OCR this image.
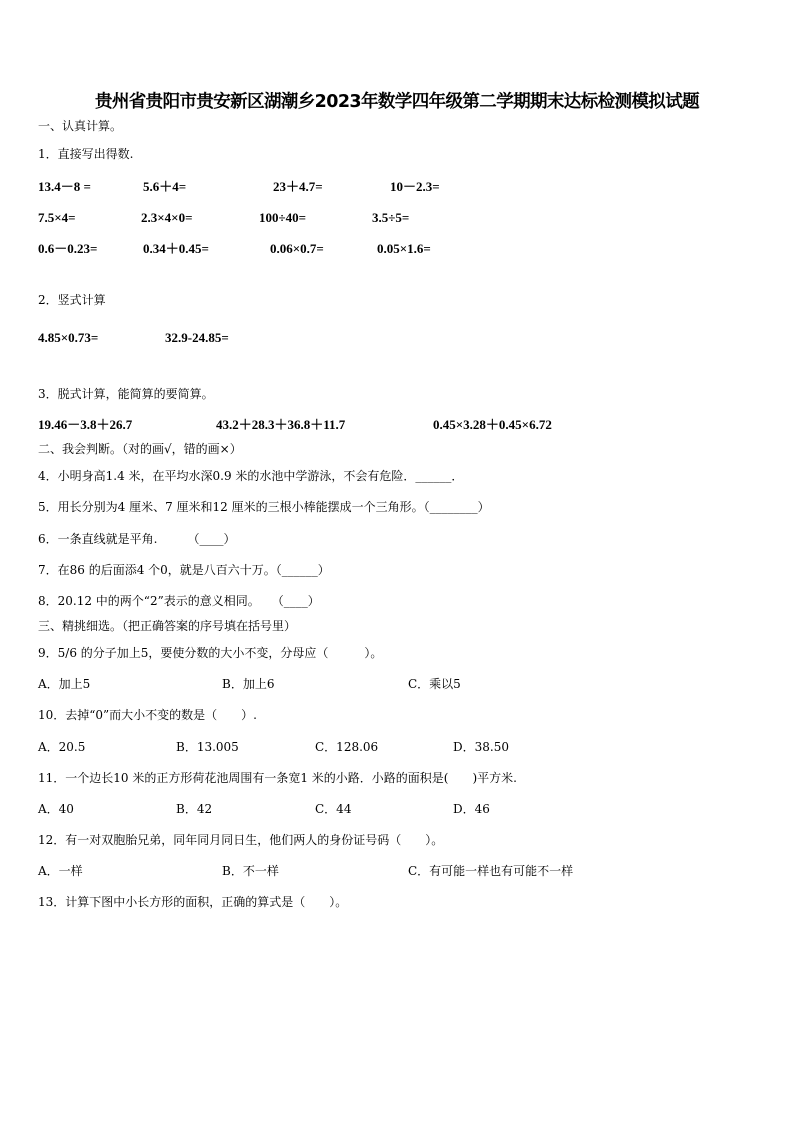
贵州省贵阳市贵安新区湖潮乡2023年数学四年级第二学期期末达标检测模拟试题
一、认真计算。
1．直接写出得数.
13.4－8 =	5.6＋4=	23＋4.7=	10－2.3=
7.5×4=	2.3×4×0=	100÷40=	3.5÷5=
0.6－0.23=	0.34＋0.45=	0.06×0.7=	0.05×1.6=
2．竖式计算
4.85×0.73=	32.9-24.85=
3．脱式计算，能简算的要简算。
19.46－3.8＋26.7	43.2＋28.3＋36.8＋11.7	0.45×3.28＋0.45×6.72
二、我会判断。（对的画√，错的画×）
4．小明身高1.4 米，在平均水深0.9 米的水池中学游泳，不会有危险．______．
5．用长分别为4 厘米、7 厘米和12 厘米的三根小棒能摆成一个三角形。（________）
6．一条直线就是平角.　　　（____）
7．在86 的后面添4 个0，就是八百六十万。（______）
8．20.12 中的两个“2”表示的意义相同。　　（____）
三、精挑细选。（把正确答案的序号填在括号里）
9．5/6 的分子加上5，要使分数的大小不变，分母应（　　　）。
A．加上5	B．加上6	C．乘以5
10．去掉“0”而大小不变的数是（　　）.
A．20.5	B．13.005	C．128.06	D．38.50
11．一个边长10 米的正方形荷花池周围有一条宽1 米的小路．小路的面积是(　　)平方米.
A．40	B．42	C．44	D．46
12．有一对双胞胎兄弟，同年同月同日生，他们两人的身份证号码（　　）。
A．一样	B．不一样	C．有可能一样也有可能不一样
13．计算下图中小长方形的面积，正确的算式是（　　）。
